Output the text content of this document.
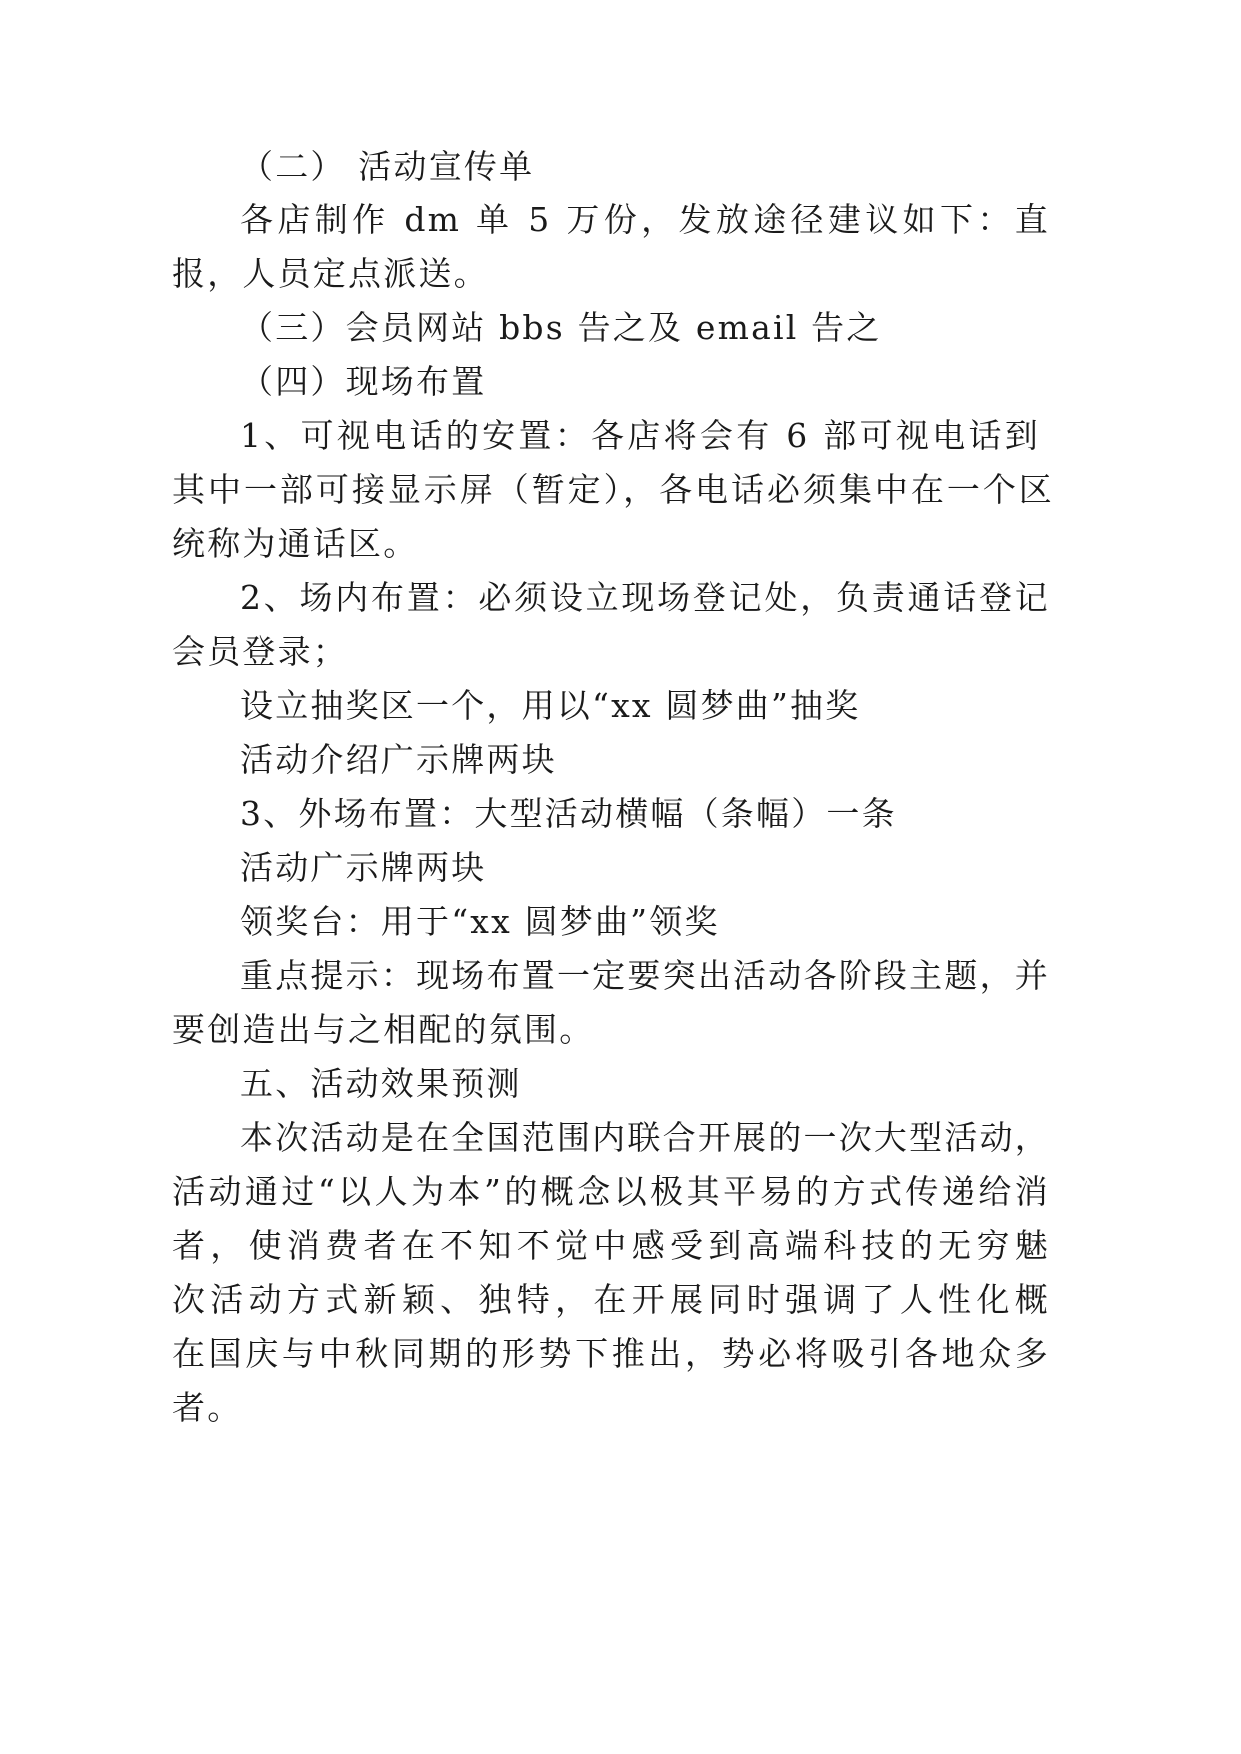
（二） 活动宣传单
各店制作 dm 单 5 万份，发放途径建议如下：直
报，人员定点派送。
（三）会员网站 bbs 告之及 email 告之
（四）现场布置
1、可视电话的安置：各店将会有 6 部可视电话到
其中一部可接显示屏（暂定），各电话必须集中在一个区
统称为通话区。
2、场内布置：必须设立现场登记处，负责通话登记
会员登录；
设立抽奖区一个，用以“xx 圆梦曲”抽奖
活动介绍广示牌两块
3、外场布置：大型活动横幅（条幅）一条
活动广示牌两块
领奖台：用于“xx 圆梦曲”领奖
重点提示：现场布置一定要突出活动各阶段主题，并
要创造出与之相配的氛围。
五、活动效果预测
本次活动是在全国范围内联合开展的一次大型活动，
活动通过“以人为本”的概念以极其平易的方式传递给消
者，使消费者在不知不觉中感受到高端科技的无穷魅
次活动方式新颖、独特，在开展同时强调了人性化概
在国庆与中秋同期的形势下推出，势必将吸引各地众多
者。
